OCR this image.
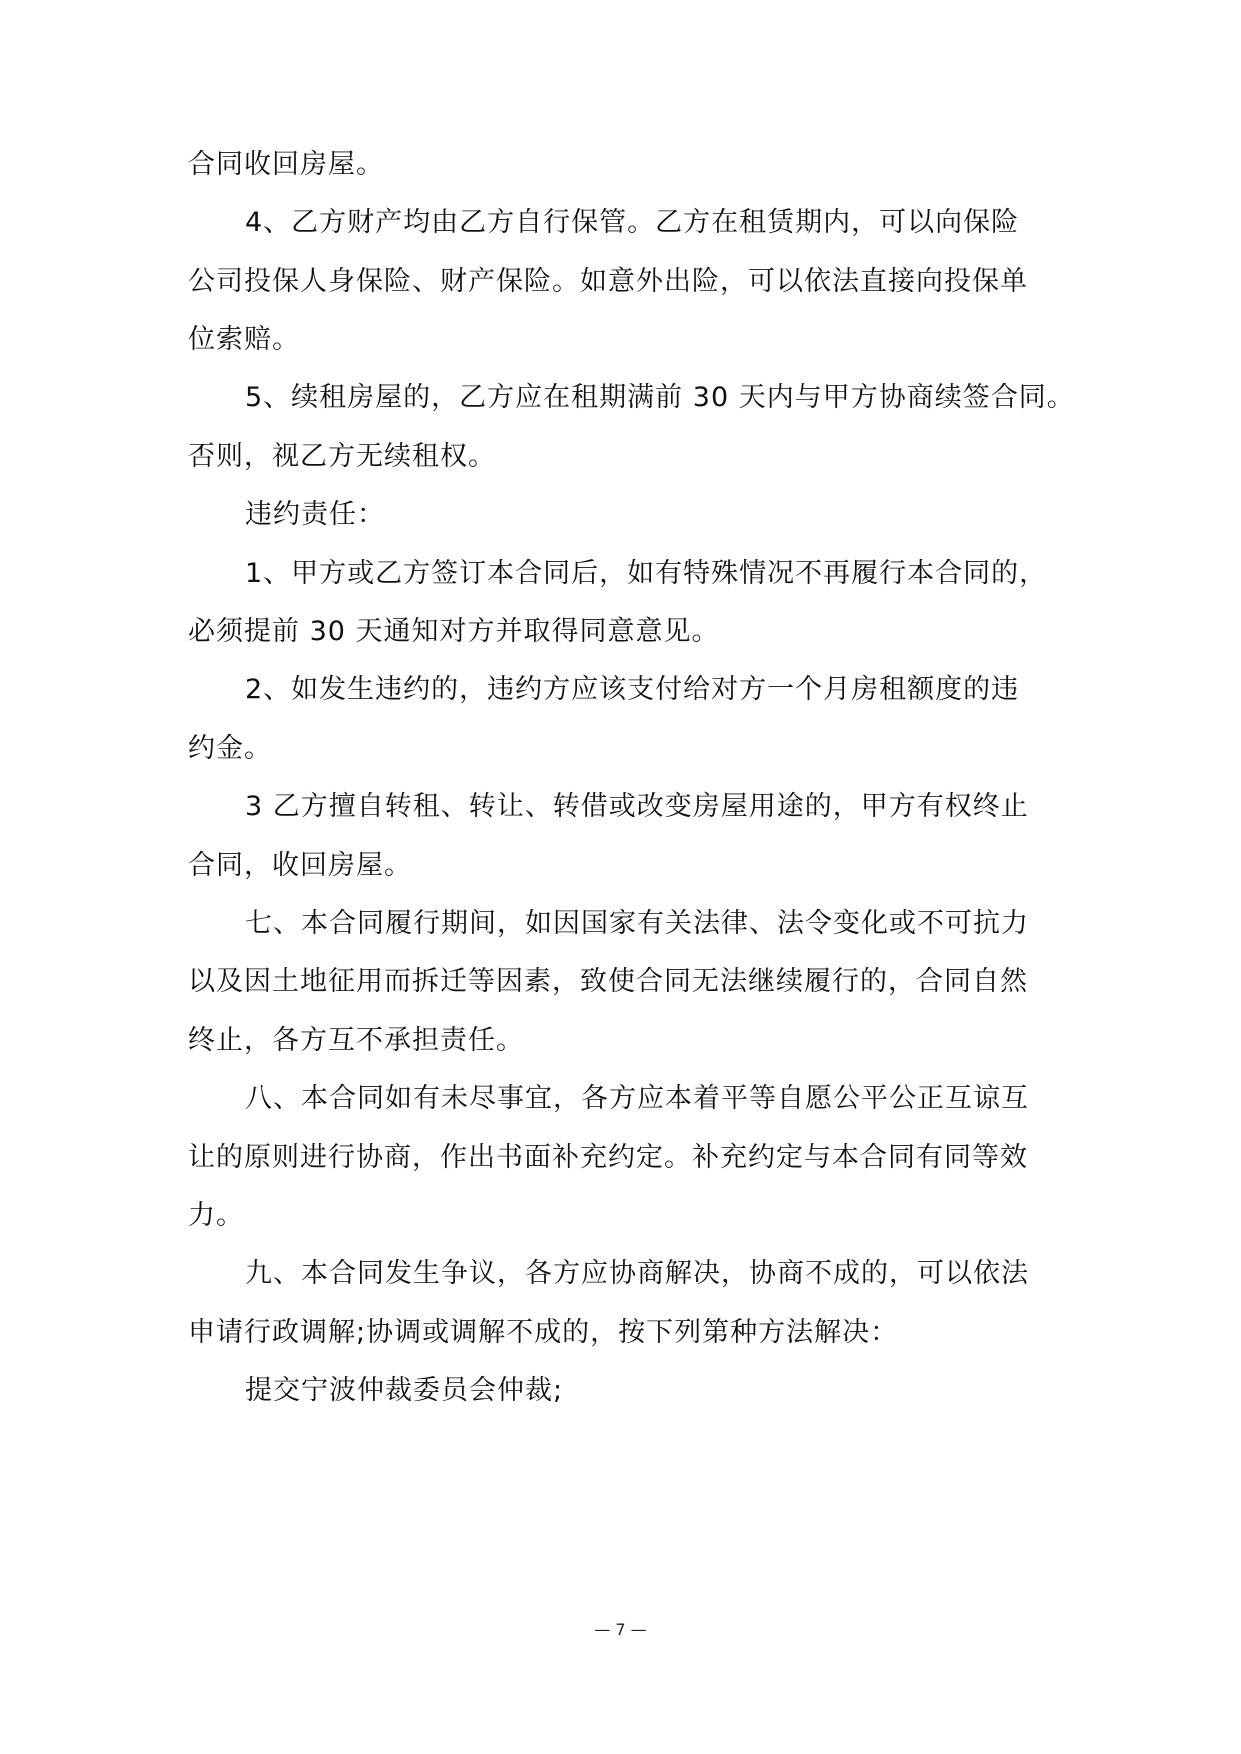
合同收回房屋。
4、乙方财产均由乙方自行保管。乙方在租赁期内，可以向保险
公司投保人身保险、财产保险。如意外出险，可以依法直接向投保单
位索赔。
5、续租房屋的，乙方应在租期满前 30 天内与甲方协商续签合同。
否则，视乙方无续租权。
违约责任：
1、甲方或乙方签订本合同后，如有特殊情况不再履行本合同的，
必须提前 30 天通知对方并取得同意意见。
2、如发生违约的，违约方应该支付给对方一个月房租额度的违
约金。
3 乙方擅自转租、转让、转借或改变房屋用途的，甲方有权终止
合同，收回房屋。
七、本合同履行期间，如因国家有关法律、法令变化或不可抗力
以及因土地征用而拆迁等因素，致使合同无法继续履行的，合同自然
终止，各方互不承担责任。
八、本合同如有未尽事宜，各方应本着平等自愿公平公正互谅互
让的原则进行协商，作出书面补充约定。补充约定与本合同有同等效
力。
九、本合同发生争议，各方应协商解决，协商不成的，可以依法
申请行政调解;协调或调解不成的，按下列第种方法解决：
提交宁波仲裁委员会仲裁;
— 7 —
